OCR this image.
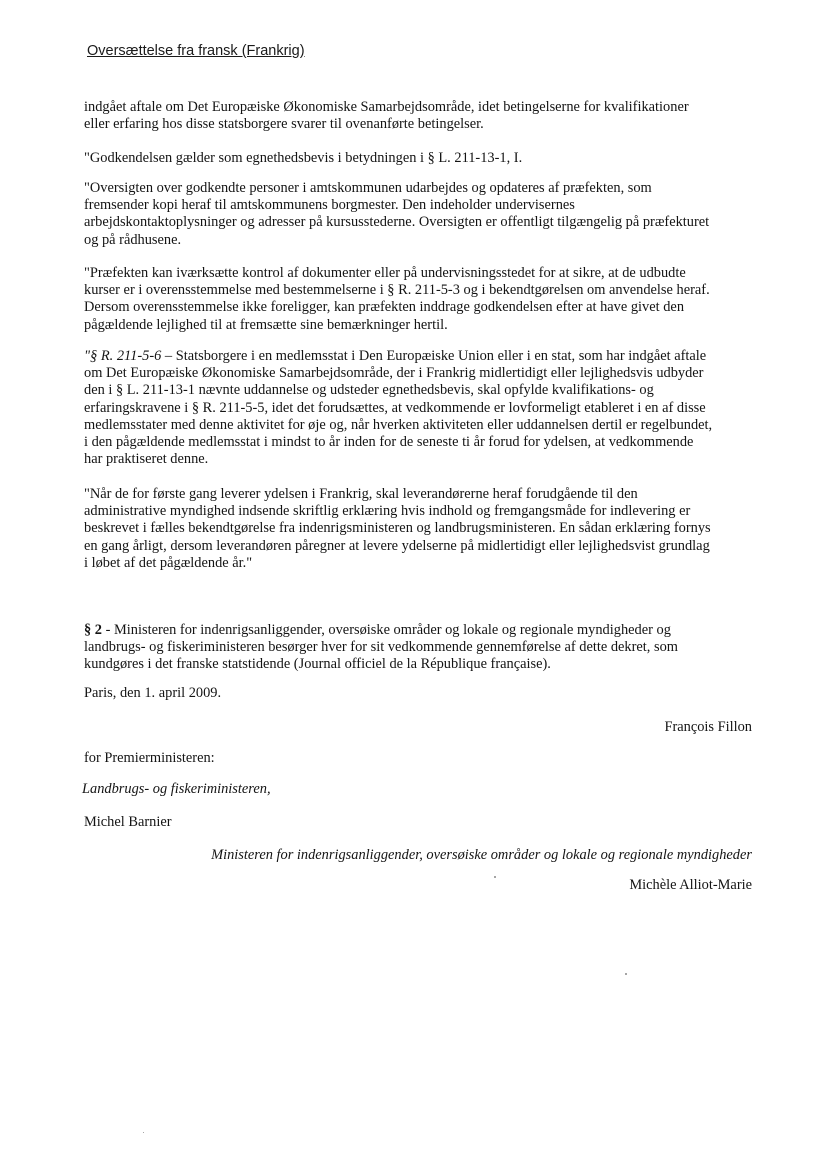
Oversættelse fra fransk (Frankrig)
indgået aftale om Det Europæiske Økonomiske Samarbejdsområde, idet betingelserne for kvalifikationer
eller erfaring hos disse statsborgere svarer til ovenanførte betingelser.
"Godkendelsen gælder som egnethedsbevis i betydningen i § L. 211-13-1, I.
"Oversigten over godkendte personer i amtskommunen udarbejdes og opdateres af præfekten, som
fremsender kopi heraf til amtskommunens borgmester. Den indeholder undervisernes
arbejdskontaktoplysninger og adresser på kursusstederne. Oversigten er offentligt tilgængelig på præfekturet
og på rådhusene.
"Præfekten kan iværksætte kontrol af dokumenter eller på undervisningsstedet for at sikre, at de udbudte
kurser er i overensstemmelse med bestemmelserne i § R. 211-5-3 og i bekendtgørelsen om anvendelse heraf.
Dersom overensstemmelse ikke foreligger, kan præfekten inddrage godkendelsen efter at have givet den
pågældende lejlighed til at fremsætte sine bemærkninger hertil.
"§ R. 211-5-6 – Statsborgere i en medlemsstat i Den Europæiske Union eller i en stat, som har indgået aftale
om Det Europæiske Økonomiske Samarbejdsområde, der i Frankrig midlertidigt eller lejlighedsvis udbyder
den i § L. 211-13-1 nævnte uddannelse og udsteder egnethedsbevis, skal opfylde kvalifikations- og
erfaringskravene i § R. 211-5-5, idet det forudsættes, at vedkommende er lovformeligt etableret i en af disse
medlemsstater med denne aktivitet for øje og, når hverken aktiviteten eller uddannelsen dertil er regelbundet,
i den pågældende medlemsstat i mindst to år inden for de seneste ti år forud for ydelsen, at vedkommende
har praktiseret denne.
"Når de for første gang leverer ydelsen i Frankrig, skal leverandørerne heraf forudgående til den
administrative myndighed indsende skriftlig erklæring hvis indhold og fremgangsmåde for indlevering er
beskrevet i fælles bekendtgørelse fra indenrigsministeren og landbrugsministeren. En sådan erklæring fornys
en gang årligt, dersom leverandøren påregner at levere ydelserne på midlertidigt eller lejlighedsvist grundlag
i løbet af det pågældende år."
§ 2 - Ministeren for indenrigsanliggender, oversøiske områder og lokale og regionale myndigheder og
landbrugs- og fiskeriministeren besørger hver for sit vedkommende gennemførelse af dette dekret, som
kundgøres i det franske statstidende (Journal officiel de la République française).
Paris, den 1. april 2009.
François Fillon
for Premierministeren:
Landbrugs- og fiskeriministeren,
Michel Barnier
Ministeren for indenrigsanliggender, oversøiske områder og lokale og regionale myndigheder
Michèle Alliot-Marie
